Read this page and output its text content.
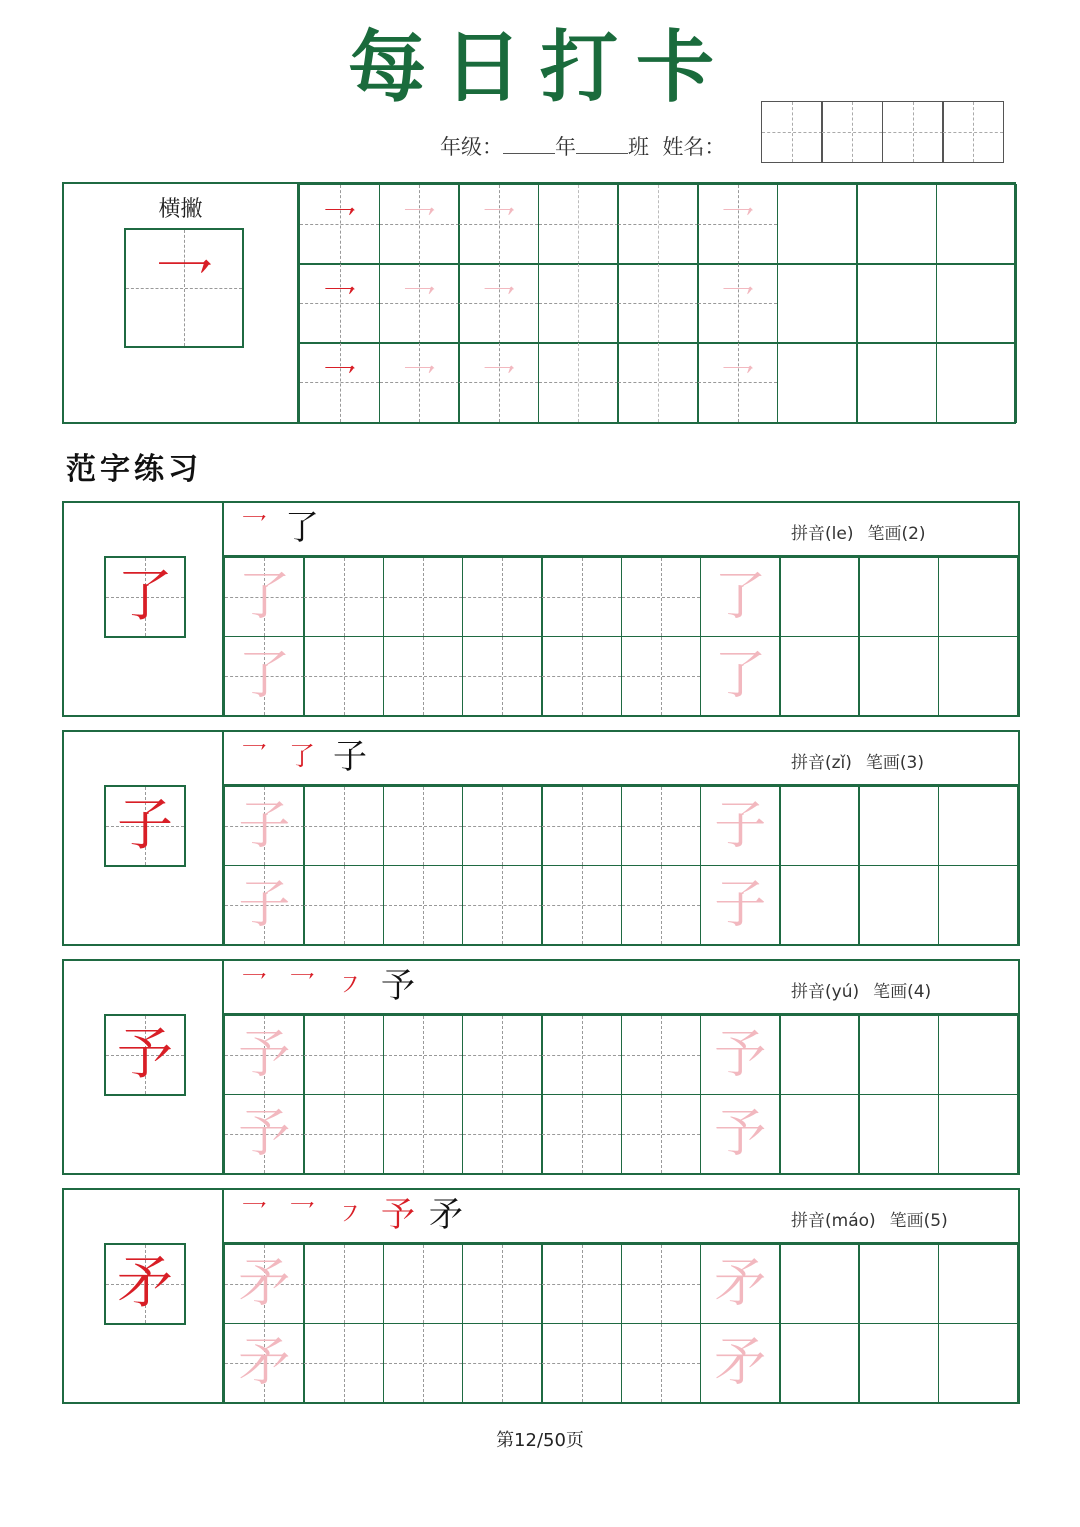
每日打卡
年级： 年 班 姓名：
横撇
乛
乛	乛	乛	乛
乛	乛	乛	乛
乛	乛	乛	乛
范字练习
了
乛 了	拼音(le) 笔画(2)
了	了
了	了
子
乛 了 子	拼音(zǐ) 笔画(3)
子	子
子	子
予
乛 乛 ㇇ 予	拼音(yú) 笔画(4)
予	予
予	予
矛
乛 乛 ㇇ 予 矛	拼音(máo) 笔画(5)
矛	矛
矛	矛
第12/50页
